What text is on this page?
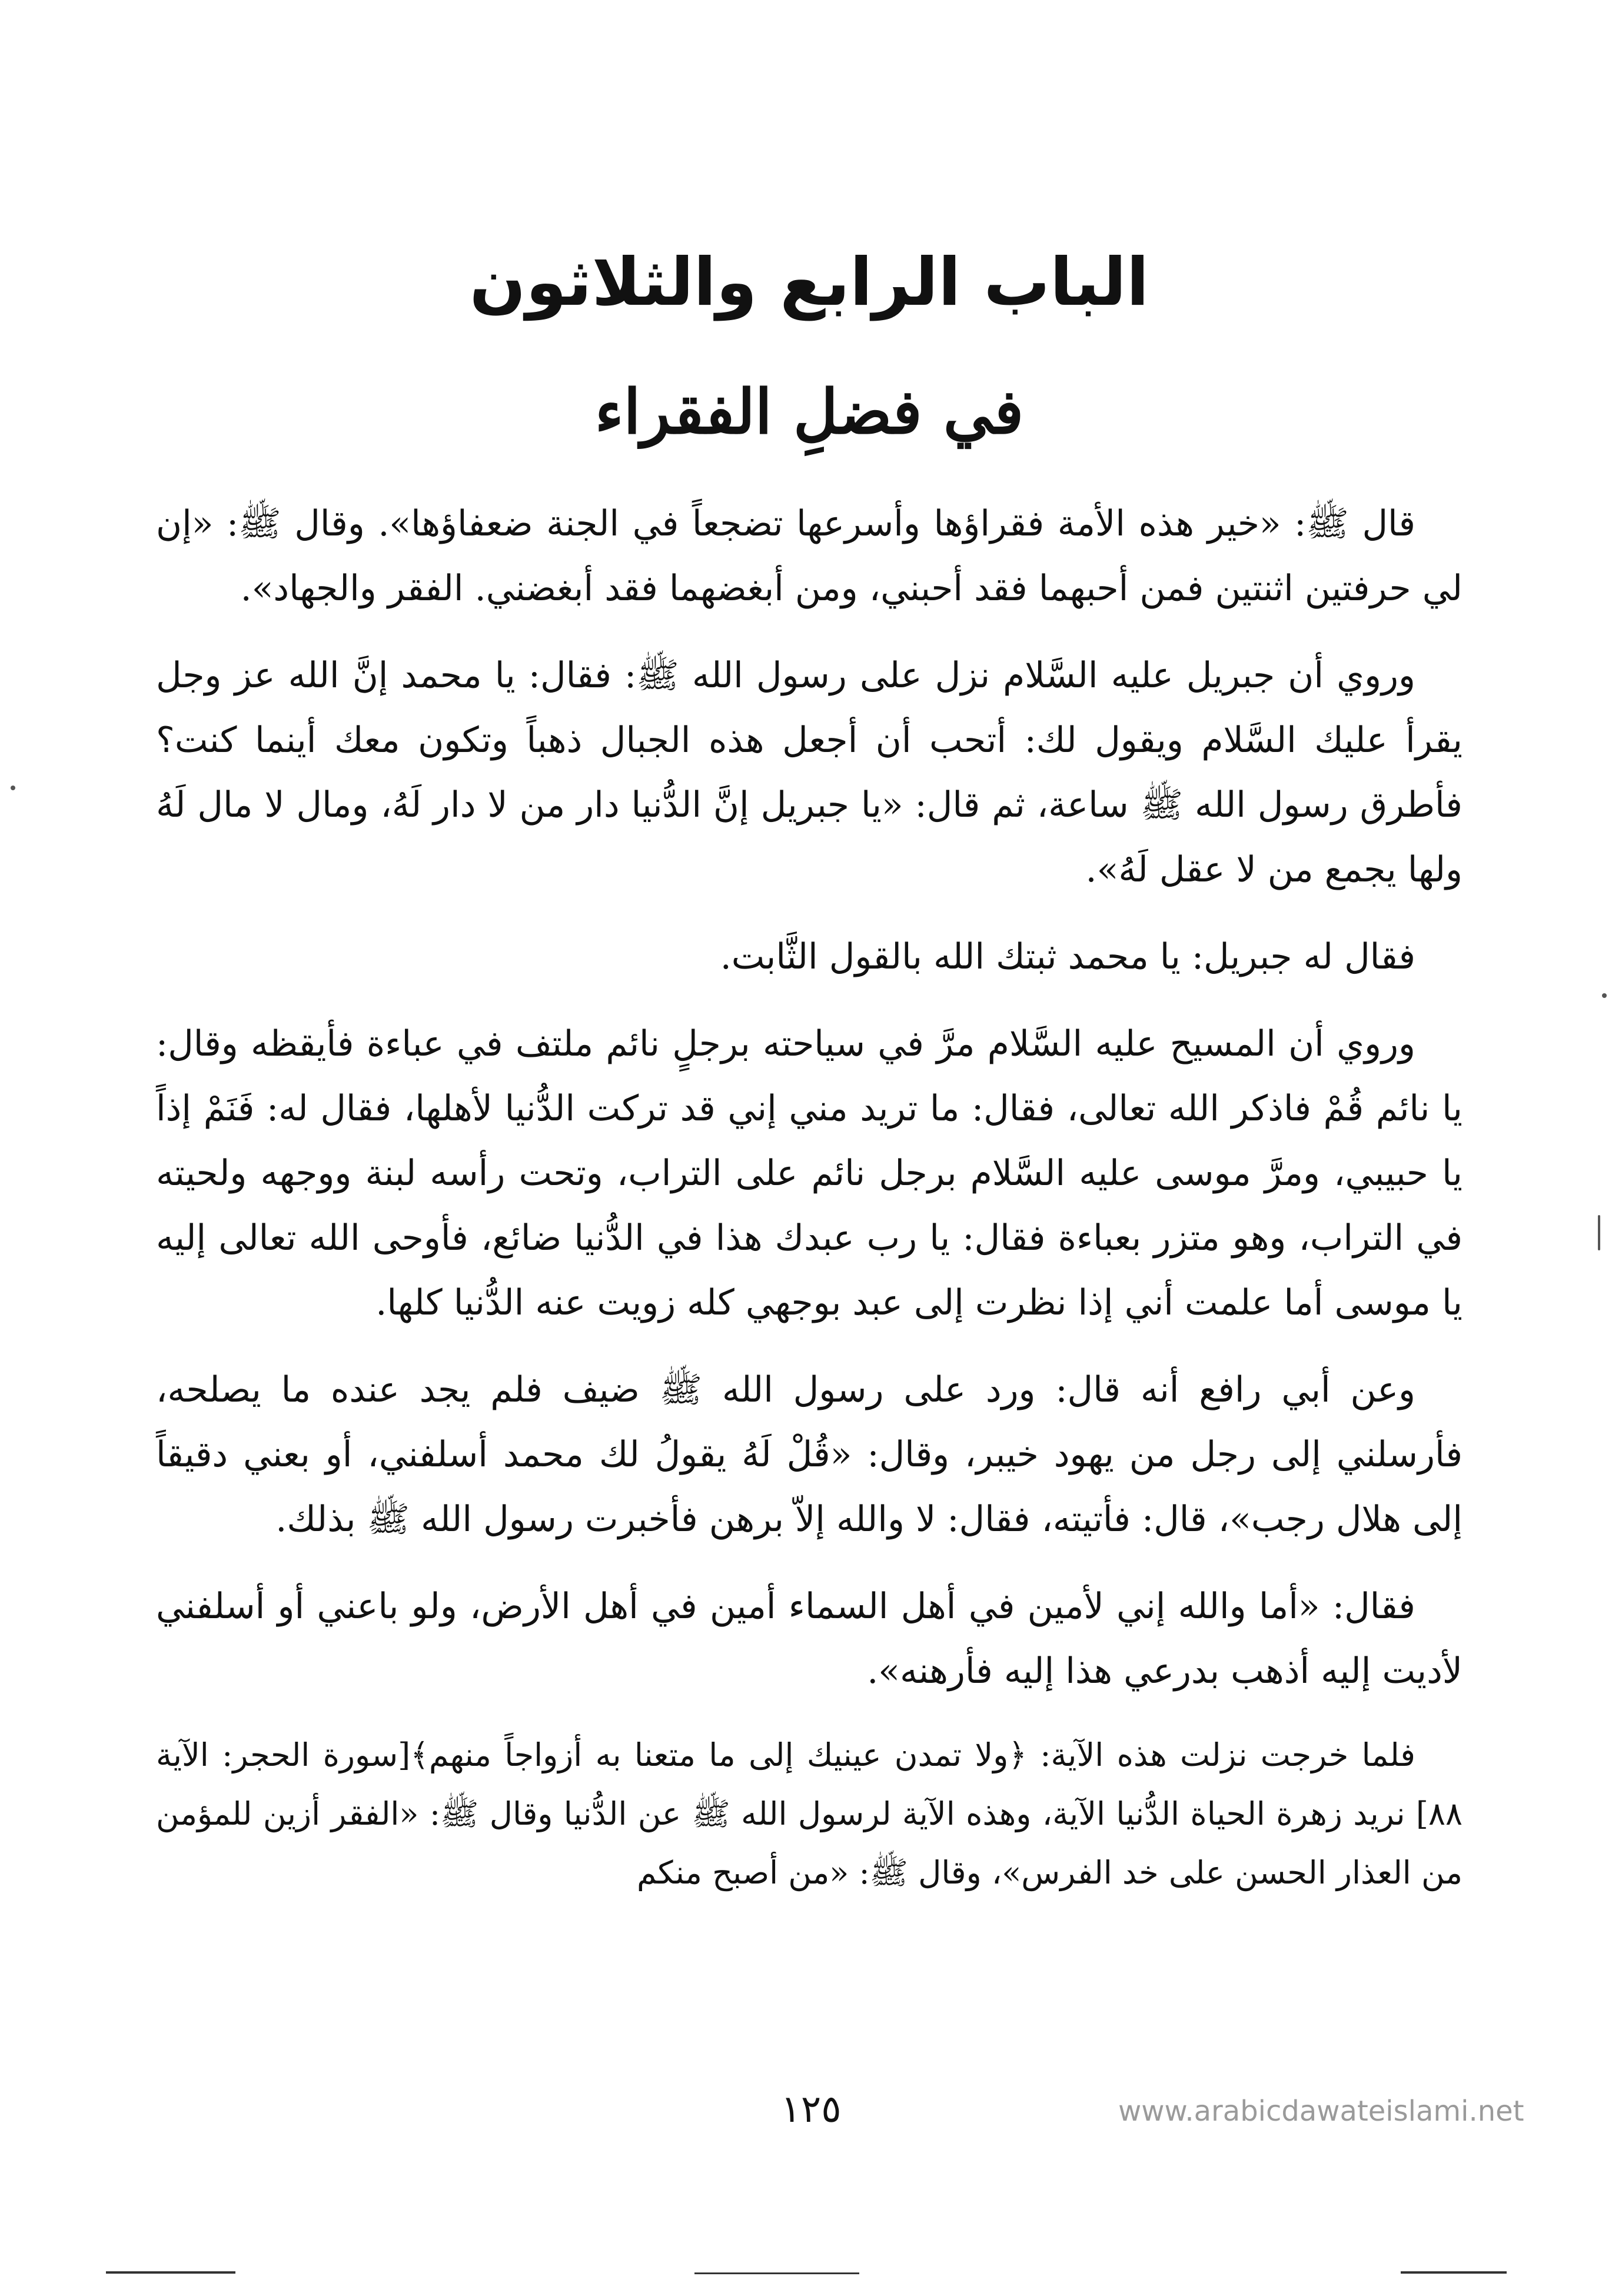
الباب الرابع والثلاثون
في فضلِ الفقراء

قال ﷺ: «خير هذه الأمة فقراؤها وأسرعها تضجعاً في الجنة ضعفاؤها». وقال ﷺ: «إن لي حرفتين اثنتين فمن أحبهما فقد أحبني، ومن أبغضهما فقد أبغضني. الفقر والجهاد».

وروي أن جبريل عليه السَّلام نزل على رسول الله ﷺ: فقال: يا محمد إنَّ الله عز وجل يقرأ عليك السَّلام ويقول لك: أتحب أن أجعل هذه الجبال ذهباً وتكون معك أينما كنت؟ فأطرق رسول الله ﷺ ساعة، ثم قال: «يا جبريل إنَّ الدُّنيا دار من لا دار لَهُ، ومال لا مال لَهُ ولها يجمع من لا عقل لَهُ».

فقال له جبريل: يا محمد ثبتك الله بالقول الثَّابت.

وروي أن المسيح عليه السَّلام مرَّ في سياحته برجلٍ نائم ملتف في عباءة فأيقظه وقال: يا نائم قُمْ فاذكر الله تعالى، فقال: ما تريد مني إني قد تركت الدُّنيا لأهلها، فقال له: فَنَمْ إذاً يا حبيبي، ومرَّ موسى عليه السَّلام برجل نائم على التراب، وتحت رأسه لبنة ووجهه ولحيته في التراب، وهو متزر بعباءة فقال: يا رب عبدك هذا في الدُّنيا ضائع، فأوحى الله تعالى إليه يا موسى أما علمت أني إذا نظرت إلى عبد بوجهي كله زويت عنه الدُّنيا كلها.

وعن أبي رافع أنه قال: ورد على رسول الله ﷺ ضيف فلم يجد عنده ما يصلحه، فأرسلني إلى رجل من يهود خيبر، وقال: «قُلْ لَهُ يقولُ لك محمد أسلفني، أو بعني دقيقاً إلى هلال رجب»، قال: فأتيته، فقال: لا والله إلاّ برهن فأخبرت رسول الله ﷺ بذلك.

فقال: «أما والله إني لأمين في أهل السماء أمين في أهل الأرض، ولو باعني أو أسلفني لأديت إليه أذهب بدرعي هذا إليه فأرهنه».

فلما خرجت نزلت هذه الآية: ﴿ولا تمدن عينيك إلى ما متعنا به أزواجاً منهم﴾[سورة الحجر: الآية ٨٨] نريد زهرة الحياة الدُّنيا الآية، وهذه الآية لرسول الله ﷺ عن الدُّنيا وقال ﷺ: «الفقر أزين للمؤمن من العذار الحسن على خد الفرس»، وقال ﷺ: «من أصبح منكم

١٢٥	www.arabicdawateislami.net
